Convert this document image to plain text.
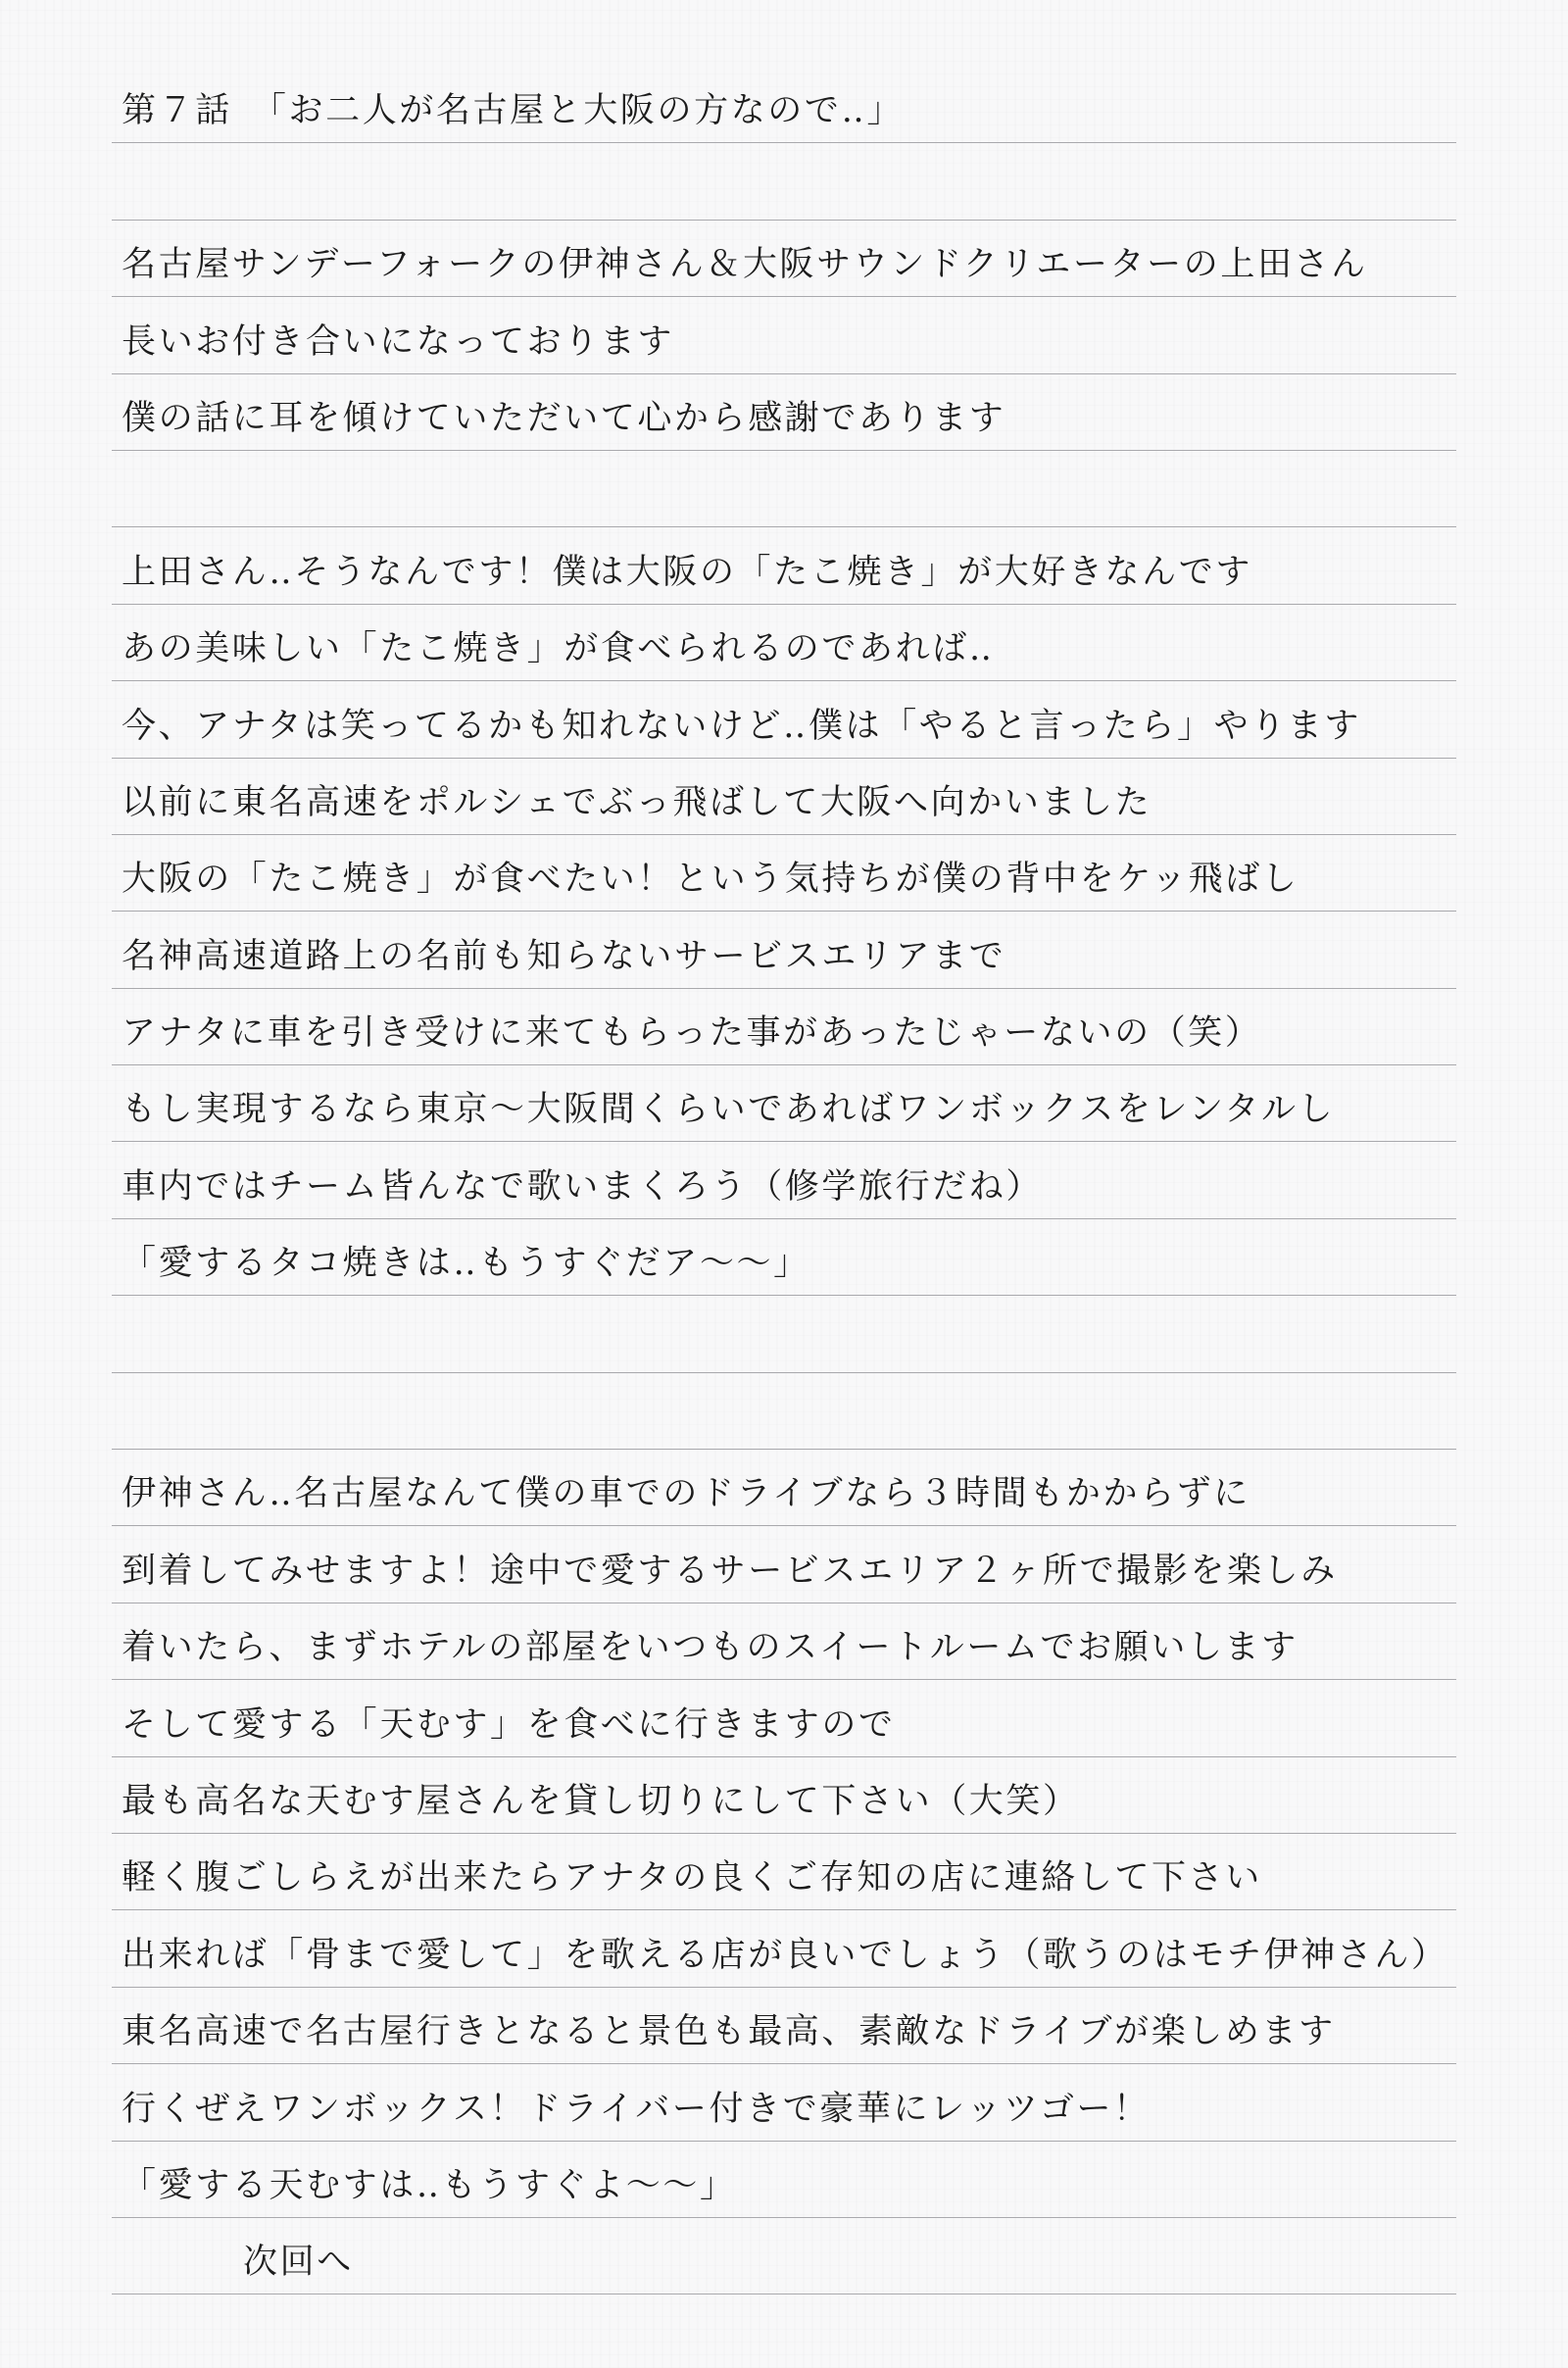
第７話　「お二人が名古屋と大阪の方なので‥」
名古屋サンデーフォークの伊神さん＆大阪サウンドクリエーターの上田さん
長いお付き合いになっております
僕の話に耳を傾けていただいて心から感謝であります
上田さん‥そうなんです！僕は大阪の「たこ焼き」が大好きなんです
あの美味しい「たこ焼き」が食べられるのであれば‥
今、アナタは笑ってるかも知れないけど‥僕は「やると言ったら」やります
以前に東名高速をポルシェでぶっ飛ばして大阪へ向かいました
大阪の「たこ焼き」が食べたい！という気持ちが僕の背中をケッ飛ばし
名神高速道路上の名前も知らないサービスエリアまで
アナタに車を引き受けに来てもらった事があったじゃーないの（笑）
もし実現するなら東京～大阪間くらいであればワンボックスをレンタルし
車内ではチーム皆んなで歌いまくろう（修学旅行だね）
「愛するタコ焼きは‥もうすぐだア～～」
伊神さん‥名古屋なんて僕の車でのドライブなら３時間もかからずに
到着してみせますよ！途中で愛するサービスエリア２ヶ所で撮影を楽しみ
着いたら、まずホテルの部屋をいつものスイートルームでお願いします
そして愛する「天むす」を食べに行きますので
最も高名な天むす屋さんを貸し切りにして下さい（大笑）
軽く腹ごしらえが出来たらアナタの良くご存知の店に連絡して下さい
出来れば「骨まで愛して」を歌える店が良いでしょう（歌うのはモチ伊神さん）
東名高速で名古屋行きとなると景色も最高、素敵なドライブが楽しめます
行くぜえワンボックス！ドライバー付きで豪華にレッツゴー！
「愛する天むすは‥もうすぐよ～～」
次回へ
